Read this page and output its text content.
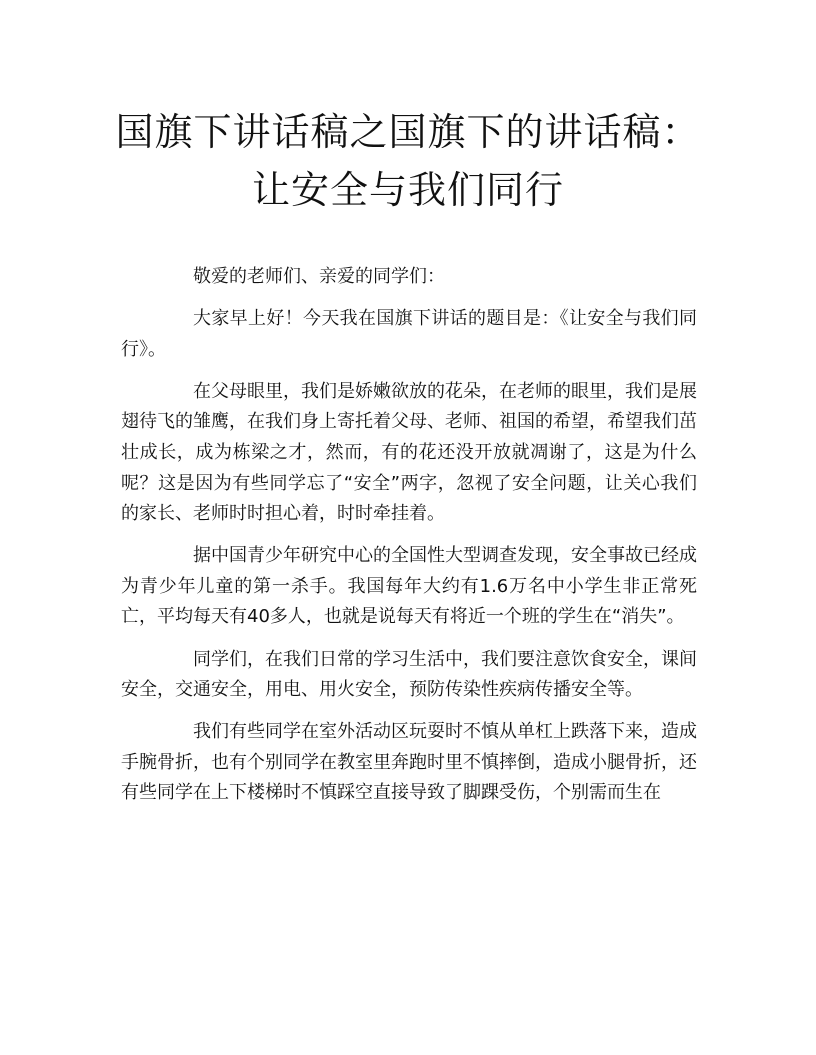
国旗下讲话稿之国旗下的讲话稿：让安全与我们同行

敬爱的老师们、亲爱的同学们：

大家早上好！今天我在国旗下讲话的题目是：《让安全与我们同行》。

在父母眼里，我们是娇嫩欲放的花朵，在老师的眼里，我们是展翅待飞的雏鹰，在我们身上寄托着父母、老师、祖国的希望，希望我们茁壮成长，成为栋梁之才，然而，有的花还没开放就凋谢了，这是为什么呢？这是因为有些同学忘了“安全”两字，忽视了安全问题，让关心我们的家长、老师时时担心着，时时牵挂着。

据中国青少年研究中心的全国性大型调查发现，安全事故已经成为青少年儿童的第一杀手。我国每年大约有1.6万名中小学生非正常死亡，平均每天有40多人，也就是说每天有将近一个班的学生在“消失”。

同学们，在我们日常的学习生活中，我们要注意饮食安全，课间安全，交通安全，用电、用火安全，预防传染性疾病传播安全等。

我们有些同学在室外活动区玩耍时不慎从单杠上跌落下来，造成手腕骨折，也有个别同学在教室里奔跑时里不慎摔倒，造成小腿骨折，还有些同学在上下楼梯时不慎踩空直接导致了脚踝受伤，个别需而生在
